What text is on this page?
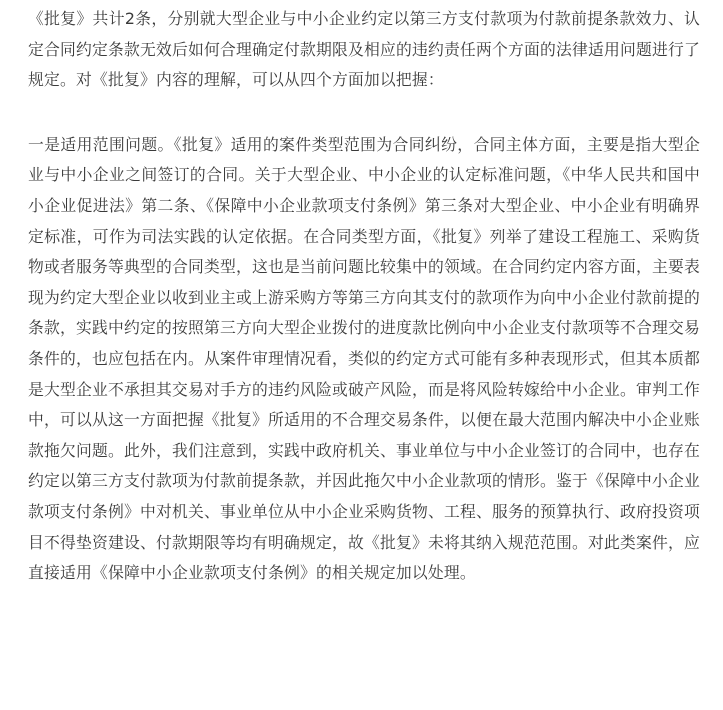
《批复》共计2条，分别就大型企业与中小企业约定以第三方支付款项为付款前提条款效力、认定合同约定条款无效后如何合理确定付款期限及相应的违约责任两个方面的法律适用问题进行了规定。对《批复》内容的理解，可以从四个方面加以把握：

一是适用范围问题。《批复》适用的案件类型范围为合同纠纷，合同主体方面，主要是指大型企业与中小企业之间签订的合同。关于大型企业、中小企业的认定标准问题，《中华人民共和国中小企业促进法》第二条、《保障中小企业款项支付条例》第三条对大型企业、中小企业有明确界定标准，可作为司法实践的认定依据。在合同类型方面，《批复》列举了建设工程施工、采购货物或者服务等典型的合同类型，这也是当前问题比较集中的领域。在合同约定内容方面，主要表现为约定大型企业以收到业主或上游采购方等第三方向其支付的款项作为向中小企业付款前提的条款，实践中约定的按照第三方向大型企业拨付的进度款比例向中小企业支付款项等不合理交易条件的，也应包括在内。从案件审理情况看，类似的约定方式可能有多种表现形式，但其本质都是大型企业不承担其交易对手方的违约风险或破产风险，而是将风险转嫁给中小企业。审判工作中，可以从这一方面把握《批复》所适用的不合理交易条件，以便在最大范围内解决中小企业账款拖欠问题。此外，我们注意到，实践中政府机关、事业单位与中小企业签订的合同中，也存在约定以第三方支付款项为付款前提条款，并因此拖欠中小企业款项的情形。鉴于《保障中小企业款项支付条例》中对机关、事业单位从中小企业采购货物、工程、服务的预算执行、政府投资项目不得垫资建设、付款期限等均有明确规定，故《批复》未将其纳入规范范围。对此类案件，应直接适用《保障中小企业款项支付条例》的相关规定加以处理。
